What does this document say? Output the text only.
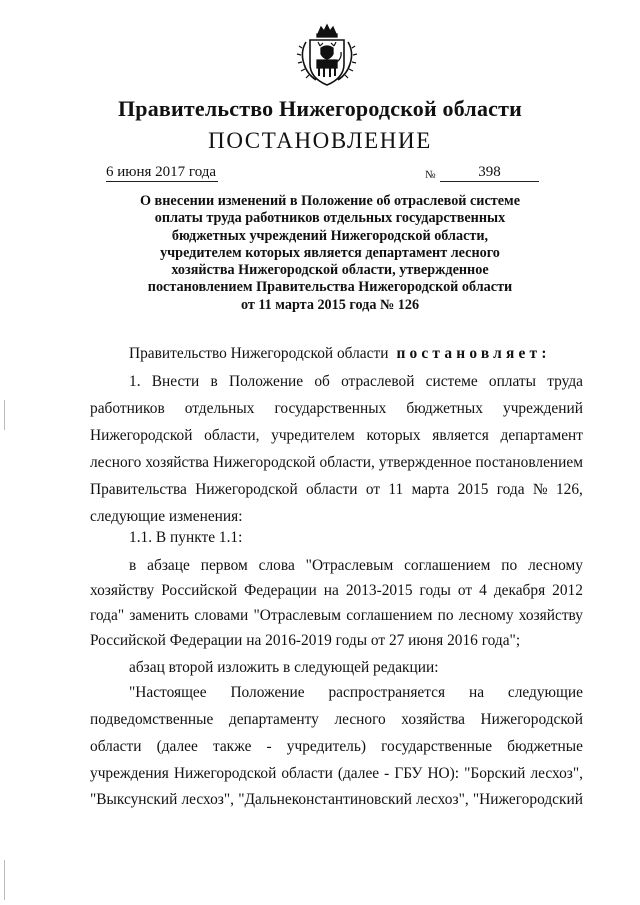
Правительство Нижегородской области
ПОСТАНОВЛЕНИЕ
6 июня 2017 года	№	398
О внесении изменений в Положение об отраслевой системе
оплаты труда работников отдельных государственных
бюджетных учреждений Нижегородской области,
учредителем которых является департамент лесного
хозяйства Нижегородской области, утвержденное
постановлением Правительства Нижегородской области
от 11 марта 2015 года № 126
Правительство Нижегородской области постановляет:
1. Внести в Положение об отраслевой системе оплаты труда
работников отдельных государственных бюджетных учреждений
Нижегородской области, учредителем которых является департамент
лесного хозяйства Нижегородской области, утвержденное постановлением
Правительства Нижегородской области от 11 марта 2015 года № 126,
следующие изменения:
1.1. В пункте 1.1:
в абзаце первом слова "Отраслевым соглашением по лесному
хозяйству Российской Федерации на 2013-2015 годы от 4 декабря 2012
года" заменить словами "Отраслевым соглашением по лесному хозяйству
Российской Федерации на 2016-2019 годы от 27 июня 2016 года";
абзац второй изложить в следующей редакции:
"Настоящее Положение распространяется на следующие
подведомственные департаменту лесного хозяйства Нижегородской
области (далее также - учредитель) государственные бюджетные
учреждения Нижегородской области (далее - ГБУ НО): "Борский лесхоз",
"Выксунский лесхоз", "Дальнеконстантиновский лесхоз", "Нижегородский
